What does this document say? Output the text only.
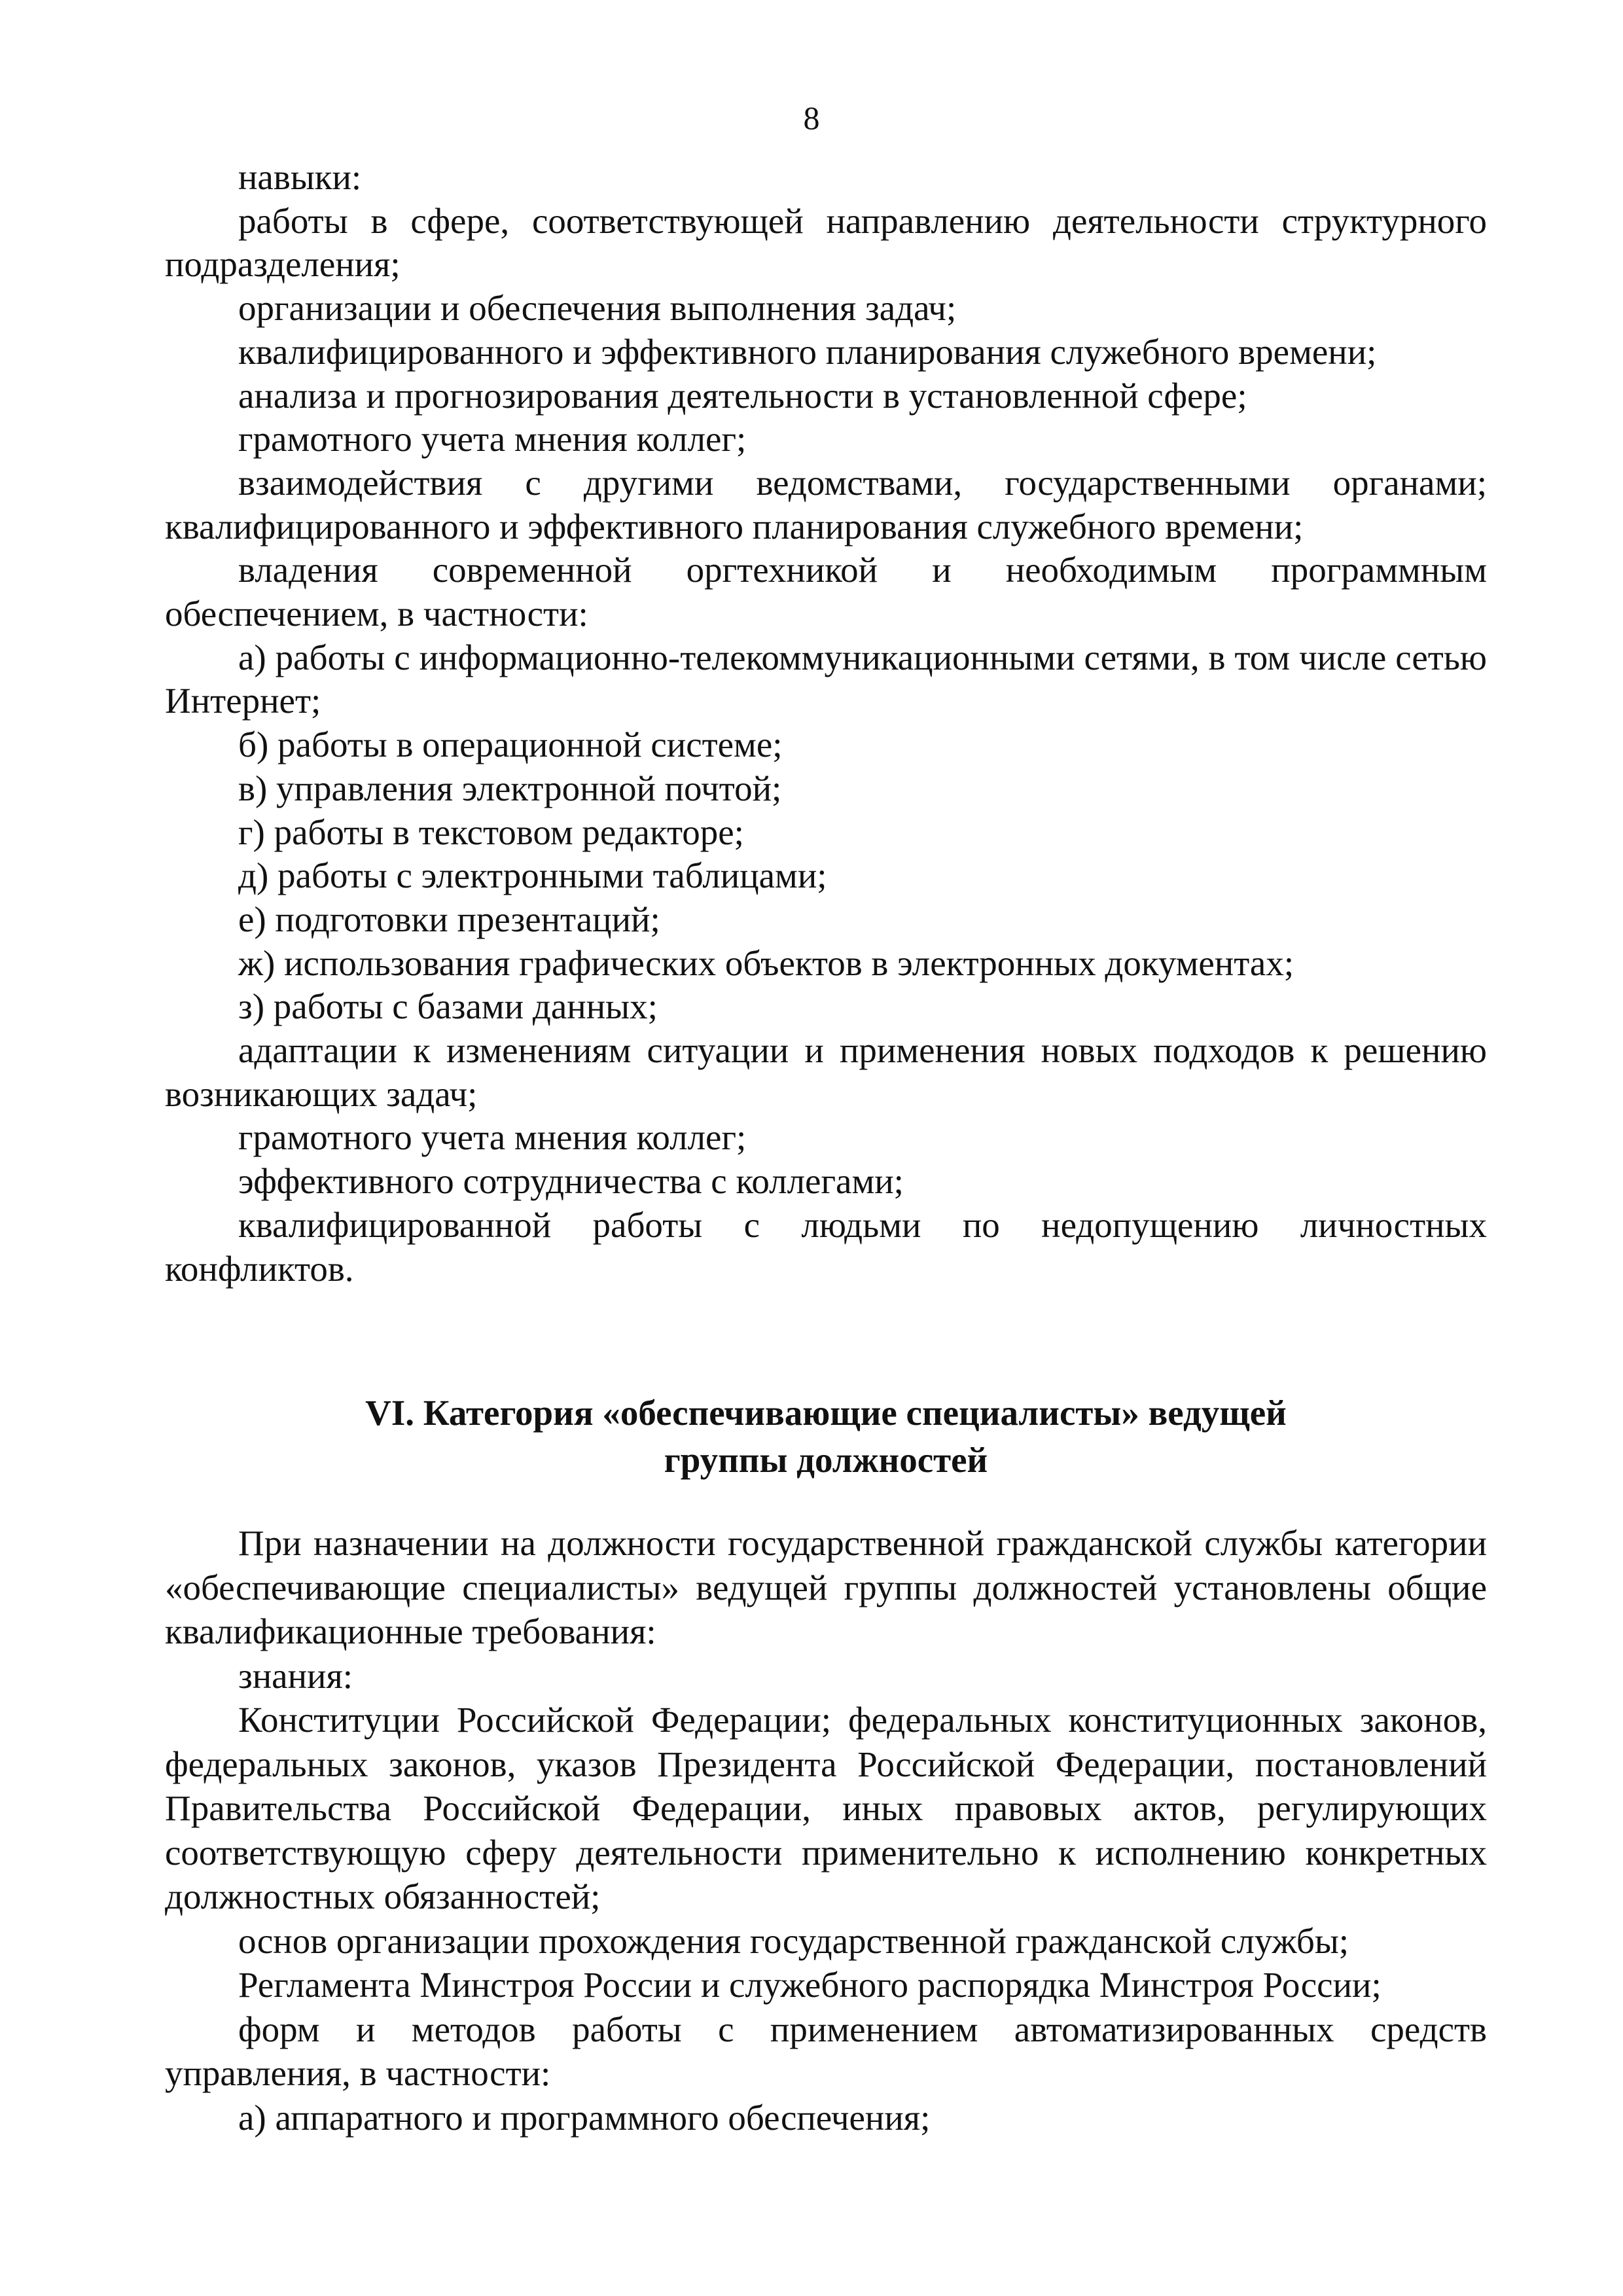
8

навыки:

работы в сфере, соответствующей направлению деятельности структурного подразделения;

организации и обеспечения выполнения задач;

квалифицированного и эффективного планирования служебного времени;

анализа и прогнозирования деятельности в установленной сфере;

грамотного учета мнения коллег;

взаимодействия с другими ведомствами, государственными органами; квалифицированного и эффективного планирования служебного времени;

владения современной оргтехникой и необходимым программным обеспечением, в частности:

а) работы с информационно-телекоммуникационными сетями, в том числе сетью Интернет;

б) работы в операционной системе;

в) управления электронной почтой;

г) работы в текстовом редакторе;

д) работы с электронными таблицами;

е) подготовки презентаций;

ж) использования графических объектов в электронных документах;

з) работы с базами данных;

адаптации к изменениям ситуации и применения новых подходов к решению возникающих задач;

грамотного учета мнения коллег;

эффективного сотрудничества с коллегами;

квалифицированной работы с людьми по недопущению личностных конфликтов.

VI. Категория «обеспечивающие специалисты» ведущей
группы должностей

При назначении на должности государственной гражданской службы категории «обеспечивающие специалисты» ведущей группы должностей установлены общие квалификационные требования:

знания:

Конституции Российской Федерации; федеральных конституционных законов, федеральных законов, указов Президента Российской Федерации, постановлений Правительства Российской Федерации, иных правовых актов, регулирующих соответствующую сферу деятельности применительно к исполнению конкретных должностных обязанностей;

основ организации прохождения государственной гражданской службы;

Регламента Минстроя России и служебного распорядка Минстроя России;

форм и методов работы с применением автоматизированных средств управления, в частности:

а) аппаратного и программного обеспечения;
